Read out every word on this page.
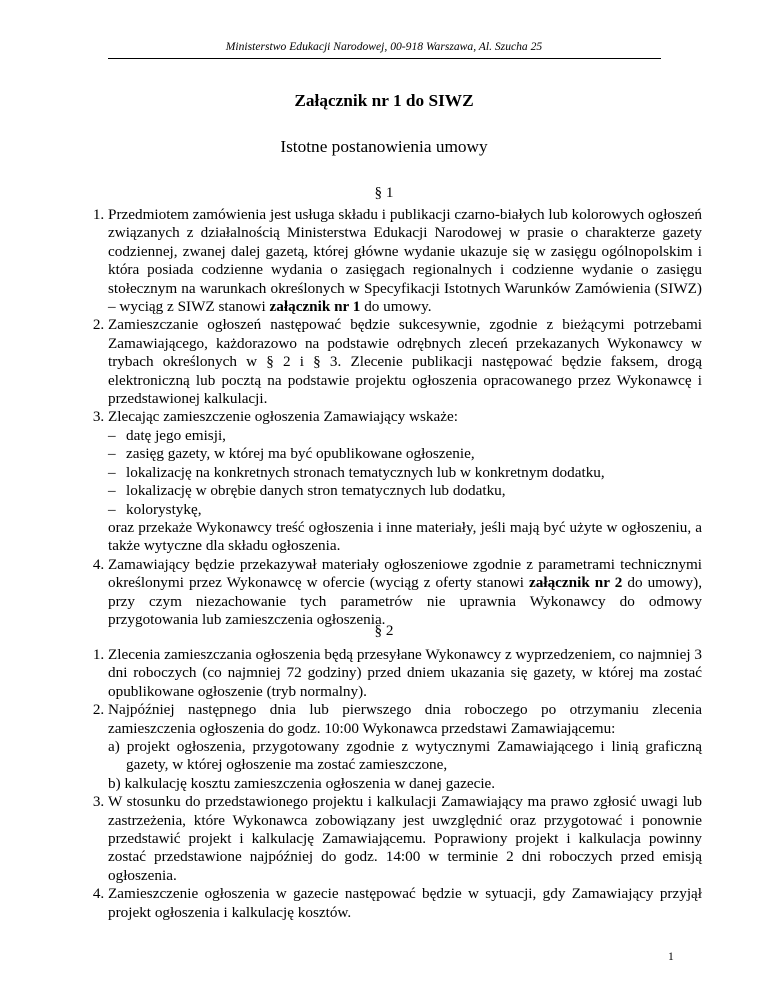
Ministerstwo Edukacji Narodowej, 00-918 Warszawa, Al. Szucha 25
Załącznik nr 1 do SIWZ
Istotne postanowienia umowy
§ 1
1. Przedmiotem zamówienia jest usługa składu i publikacji czarno-białych lub kolorowych ogłoszeń związanych z działalnością Ministerstwa Edukacji Narodowej w prasie o charakterze gazety codziennej, zwanej dalej gazetą, której główne wydanie ukazuje się w zasięgu ogólnopolskim i która posiada codzienne wydania o zasięgach regionalnych i codzienne wydanie o zasięgu stołecznym na warunkach określonych w Specyfikacji Istotnych Warunków Zamówienia (SIWZ) – wyciąg z SIWZ stanowi załącznik nr 1 do umowy.
2. Zamieszczanie ogłoszeń następować będzie sukcesywnie, zgodnie z bieżącymi potrzebami Zamawiającego, każdorazowo na podstawie odrębnych zleceń przekazanych Wykonawcy w trybach określonych w § 2 i § 3. Zlecenie publikacji następować będzie faksem, drogą elektroniczną lub pocztą na podstawie projektu ogłoszenia opracowanego przez Wykonawcę i przedstawionej kalkulacji.
3. Zlecając zamieszczenie ogłoszenia Zamawiający wskaże:
– datę jego emisji,
– zasięg gazety, w której ma być opublikowane ogłoszenie,
– lokalizację na konkretnych stronach tematycznych lub w konkretnym dodatku,
– lokalizację w obrębie danych stron tematycznych lub dodatku,
– kolorystykę,
oraz przekaże Wykonawcy treść ogłoszenia i inne materiały, jeśli mają być użyte w ogłoszeniu, a także wytyczne dla składu ogłoszenia.
4. Zamawiający będzie przekazywał materiały ogłoszeniowe zgodnie z parametrami technicznymi określonymi przez Wykonawcę w ofercie (wyciąg z oferty stanowi załącznik nr 2 do umowy), przy czym niezachowanie tych parametrów nie uprawnia Wykonawcy do odmowy przygotowania lub zamieszczenia ogłoszenia.
§ 2
1. Zlecenia zamieszczania ogłoszenia będą przesyłane Wykonawcy z wyprzedzeniem, co najmniej 3 dni roboczych (co najmniej 72 godziny) przed dniem ukazania się gazety, w której ma zostać opublikowane ogłoszenie (tryb normalny).
2. Najpóźniej następnego dnia lub pierwszego dnia roboczego po otrzymaniu zlecenia zamieszczenia ogłoszenia do godz. 10:00 Wykonawca przedstawi Zamawiającemu:
a) projekt ogłoszenia, przygotowany zgodnie z wytycznymi Zamawiającego i linią graficzną gazety, w której ogłoszenie ma zostać zamieszczone,
b) kalkulację kosztu zamieszczenia ogłoszenia w danej gazecie.
3. W stosunku do przedstawionego projektu i kalkulacji Zamawiający ma prawo zgłosić uwagi lub zastrzeżenia, które Wykonawca zobowiązany jest uwzględnić oraz przygotować i ponownie przedstawić projekt i kalkulację Zamawiającemu. Poprawiony projekt i kalkulacja powinny zostać przedstawione najpóźniej do godz. 14:00 w terminie 2 dni roboczych przed emisją ogłoszenia.
4. Zamieszczenie ogłoszenia w gazecie następować będzie w sytuacji, gdy Zamawiający przyjął projekt ogłoszenia i kalkulację kosztów.
1
